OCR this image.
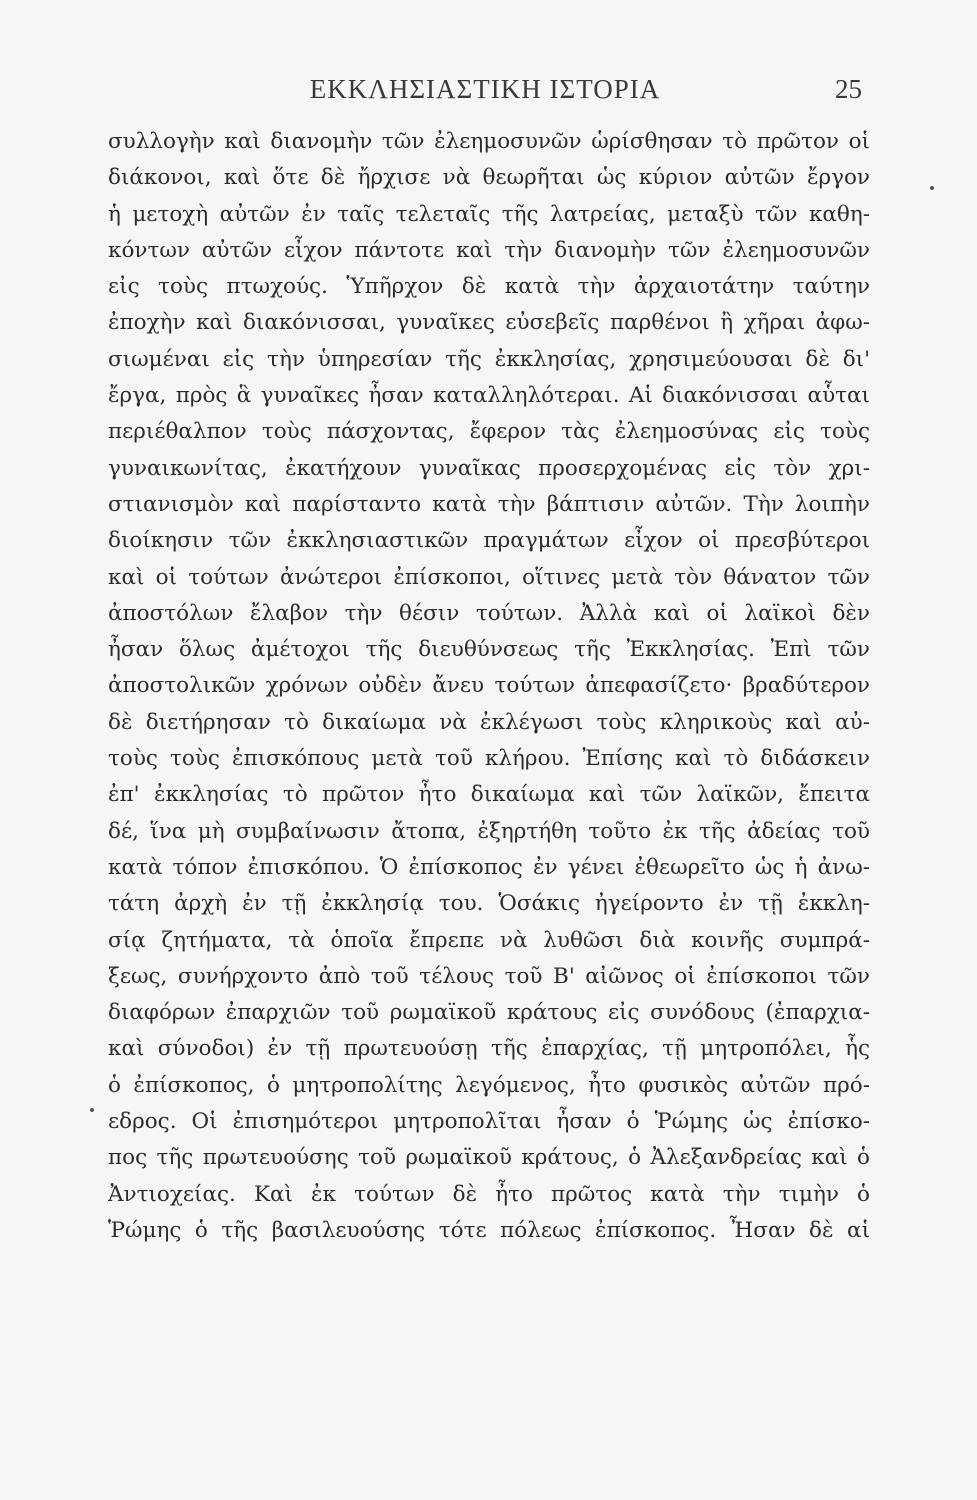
ΕΚΚΛΗΣΙΑΣΤΙΚΗ ΙΣΤΟΡΙΑ	25
συλλογὴν καὶ διανομὴν τῶν ἐλεημοσυνῶν ὡρίσθησαν τὸ πρῶτον οἱ
διάκονοι, καὶ ὅτε δὲ ἤρχισε νὰ θεωρῆται ὡς κύριον αὐτῶν ἔργον
ἡ μετοχὴ αὐτῶν ἐν ταῖς τελεταῖς τῆς λατρείας, μεταξὺ τῶν καθη-
κόντων αὐτῶν εἶχον πάντοτε καὶ τὴν διανομὴν τῶν ἐλεημοσυνῶν
εἰς τοὺς πτωχούς. Ὑπῆρχον δὲ κατὰ τὴν ἀρχαιοτάτην ταύτην
ἐποχὴν καὶ διακόνισσαι, γυναῖκες εὐσεβεῖς παρθένοι ἢ χῆραι ἀφω-
σιωμέναι εἰς τὴν ὑπηρεσίαν τῆς ἐκκλησίας, χρησιμεύουσαι δὲ δι'
ἔργα, πρὸς ἃ γυναῖκες ἦσαν καταλληλότεραι. Αἱ διακόνισσαι αὗται
περιέθαλπον τοὺς πάσχοντας, ἔφερον τὰς ἐλεημοσύνας εἰς τοὺς
γυναικωνίτας, ἐκατήχουν γυναῖκας προσερχομένας εἰς τὸν χρι-
στιανισμὸν καὶ παρίσταντο κατὰ τὴν βάπτισιν αὐτῶν. Τὴν λοιπὴν
διοίκησιν τῶν ἐκκλησιαστικῶν πραγμάτων εἶχον οἱ πρεσβύτεροι
καὶ οἱ τούτων ἀνώτεροι ἐπίσκοποι, οἵτινες μετὰ τὸν θάνατον τῶν
ἀποστόλων ἔλαβον τὴν θέσιν τούτων. Ἀλλὰ καὶ οἱ λαϊκοὶ δὲν
ἦσαν ὅλως ἀμέτοχοι τῆς διευθύνσεως τῆς Ἐκκλησίας. Ἐπὶ τῶν
ἀποστολικῶν χρόνων οὐδὲν ἄνευ τούτων ἀπεφασίζετο· βραδύτερον
δὲ διετήρησαν τὸ δικαίωμα νὰ ἐκλέγωσι τοὺς κληρικοὺς καὶ αὐ-
τοὺς τοὺς ἐπισκόπους μετὰ τοῦ κλήρου. Ἐπίσης καὶ τὸ διδάσκειν
ἐπ' ἐκκλησίας τὸ πρῶτον ἦτο δικαίωμα καὶ τῶν λαϊκῶν, ἔπειτα
δέ, ἵνα μὴ συμβαίνωσιν ἄτοπα, ἐξηρτήθη τοῦτο ἐκ τῆς ἀδείας τοῦ
κατὰ τόπον ἐπισκόπου. Ὁ ἐπίσκοπος ἐν γένει ἐθεωρεῖτο ὡς ἡ ἀνω-
τάτη ἀρχὴ ἐν τῇ ἐκκλησίᾳ του. Ὁσάκις ἠγείροντο ἐν τῇ ἐκκλη-
σίᾳ ζητήματα, τὰ ὁποῖα ἔπρεπε νὰ λυθῶσι διὰ κοινῆς συμπρά-
ξεως, συνήρχοντο ἀπὸ τοῦ τέλους τοῦ Β' αἰῶνος οἱ ἐπίσκοποι τῶν
διαφόρων ἐπαρχιῶν τοῦ ρωμαϊκοῦ κράτους εἰς συνόδους (ἐπαρχια-
καὶ σύνοδοι) ἐν τῇ πρωτευούσῃ τῆς ἐπαρχίας, τῇ μητροπόλει, ἧς
ὁ ἐπίσκοπος, ὁ μητροπολίτης λεγόμενος, ἦτο φυσικὸς αὐτῶν πρό-
εδρος. Οἱ ἐπισημότεροι μητροπολῖται ἦσαν ὁ Ῥώμης ὡς ἐπίσκο-
πος τῆς πρωτευούσης τοῦ ρωμαϊκοῦ κράτους, ὁ Ἀλεξανδρείας καὶ ὁ
Ἀντιοχείας. Καὶ ἐκ τούτων δὲ ἦτο πρῶτος κατὰ τὴν τιμὴν ὁ
Ῥώμης ὁ τῆς βασιλευούσης τότε πόλεως ἐπίσκοπος. Ἦσαν δὲ αἱ
